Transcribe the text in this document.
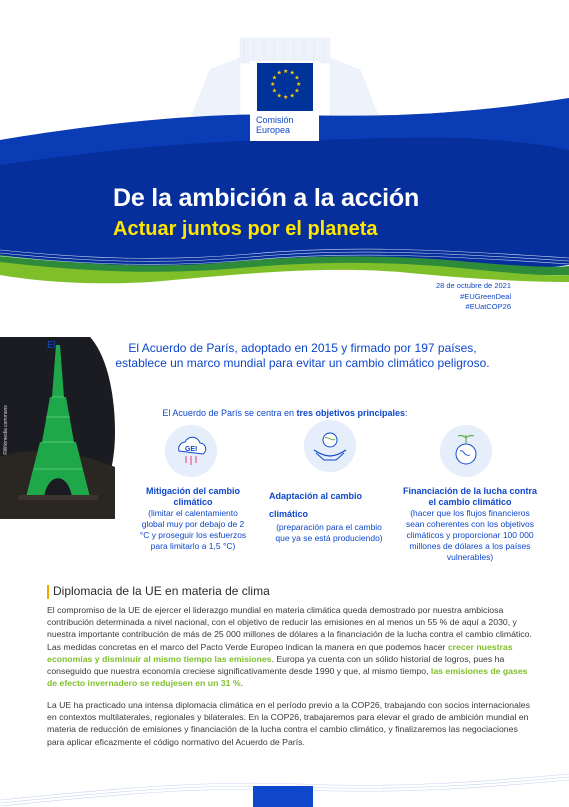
★ ★
★
★
★
★
★
★
★
★
★
★
Comisión Europea
De la ambición a la acción
Actuar juntos por el planeta
28 de octubre de 2021
#EUGreenDeal
#EUatCOP26
©Wikimedia commons
El	El Acuerdo de París, adoptado en 2015 y firmado por 197 países, establece un marco mundial para evitar un cambio climático peligroso.
El Acuerdo de París se centra en tres objetivos principales:
GEI
Mitigación del cambio climático
(limitar el calentamiento global muy por debajo de 2 °C y proseguir los esfuerzos para limitarlo a 1,5 °C)
Adaptación al cambio climático
(preparación para el cambio que ya se está produciendo)
Financiación de la lucha contra el cambio climático
(hacer que los flujos financieros sean coherentes con los objetivos climáticos y proporcionar 100 000 millones de dólares a los países vulnerables)
Diplomacia de la UE en materia de clima
El compromiso de la UE de ejercer el liderazgo mundial en materia climática queda demostrado por nuestra ambiciosa contribución determinada a nivel nacional, con el objetivo de reducir las emisiones en al menos un 55 % de aquí a 2030, y nuestra importante contribución de más de 25 000 millones de dólares a la financiación de la lucha contra el cambio climático. Las medidas concretas en el marco del Pacto Verde Europeo indican la manera en que podemos hacer crecer nuestras economías y disminuir al mismo tiempo las emisiones. Europa ya cuenta con un sólido historial de logros, pues ha conseguido que nuestra economía creciese significativamente desde 1990 y que, al mismo tiempo, las emisiones de gases de efecto invernadero se redujesen en un 31 %.
La UE ha practicado una intensa diplomacia climática en el período previo a la COP26, trabajando con socios internacionales en contextos multilaterales, regionales y bilaterales. En la COP26, trabajaremos para elevar el grado de ambición mundial en materia de reducción de emisiones y financiación de la lucha contra el cambio climático, y finalizaremos las negociaciones para aplicar eficazmente el código normativo del Acuerdo de París.
